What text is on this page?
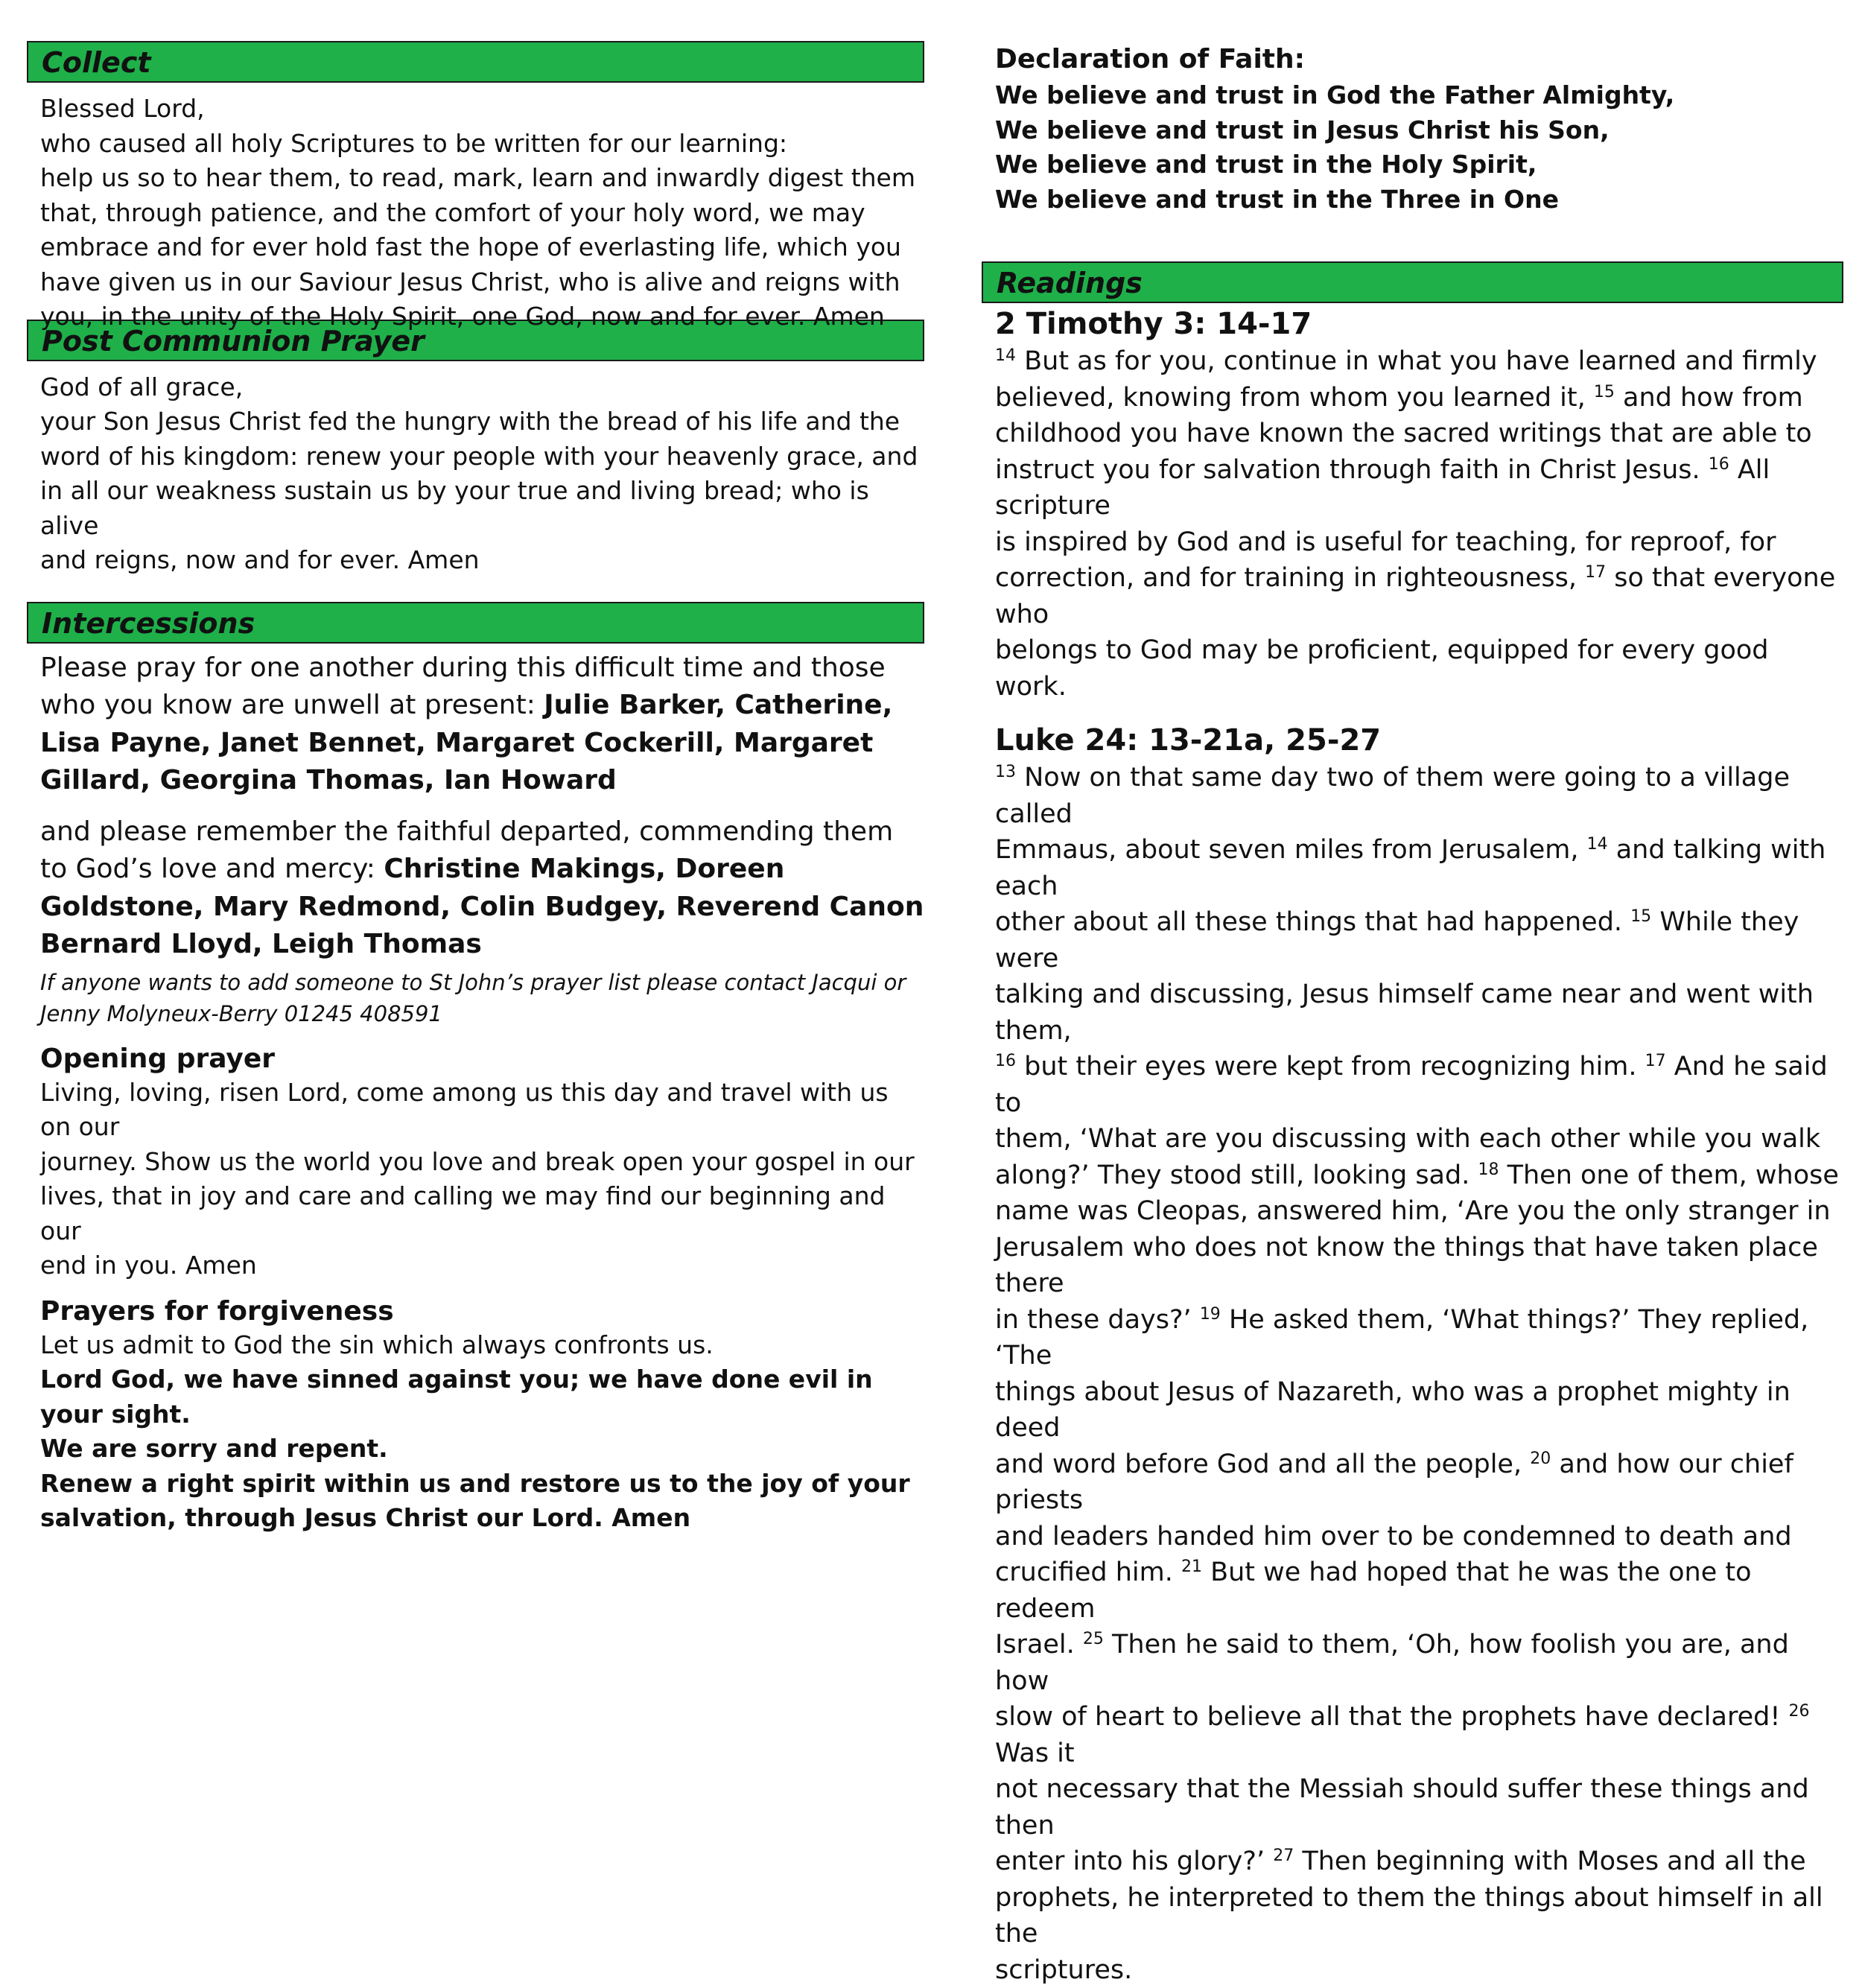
Collect
Blessed Lord,
who caused all holy Scriptures to be written for our learning:
help us so to hear them, to read, mark, learn and inwardly digest them
that, through patience, and the comfort of your holy word, we may
embrace and for ever hold fast the hope of everlasting life, which you
have given us in our Saviour Jesus Christ, who is alive and reigns with
you, in the unity of the Holy Spirit, one God, now and for ever. Amen
Post Communion Prayer
God of all grace,
your Son Jesus Christ fed the hungry with the bread of his life and the
word of his kingdom: renew your people with your heavenly grace, and
in all our weakness sustain us by your true and living bread; who is alive
and reigns, now and for ever. Amen
Intercessions

Please pray for one another during this difficult time and those who you know are unwell at present: Julie Barker, Catherine, Lisa Payne, Janet Bennet, Margaret Cockerill, Margaret Gillard, Georgina Thomas, Ian Howard

and please remember the faithful departed, commending them to God’s love and mercy: Christine Makings, Doreen Goldstone, Mary Redmond, Colin Budgey, Reverend Canon Bernard Lloyd, Leigh Thomas

If anyone wants to add someone to St John’s prayer list please contact Jacqui or
Jenny Molyneux-Berry 01245 408591
Opening prayer
Living, loving, risen Lord, come among us this day and travel with us on our
journey. Show us the world you love and break open your gospel in our
lives, that in joy and care and calling we may find our beginning and our
end in you. Amen
Prayers for forgiveness
Let us admit to God the sin which always confronts us.
Lord God, we have sinned against you; we have done evil in your sight.
We are sorry and repent.
Renew a right spirit within us and restore us to the joy of your
salvation, through Jesus Christ our Lord. Amen
Declaration of Faith:
We believe and trust in God the Father Almighty,
We believe and trust in Jesus Christ his Son,
We believe and trust in the Holy Spirit,
We believe and trust in the Three in One
Readings
2 Timothy 3: 14-17
$^{14}$ But as for you, continue in what you have learned and firmly
believed, knowing from whom you learned it, $^{15}$ and how from
childhood you have known the sacred writings that are able to
instruct you for salvation through faith in Christ Jesus. $^{16}$ All scripture
is inspired by God and is useful for teaching, for reproof, for
correction, and for training in righteousness, $^{17}$ so that everyone who
belongs to God may be proficient, equipped for every good work.
Luke 24: 13-21a, 25-27
$^{13}$ Now on that same day two of them were going to a village called
Emmaus, about seven miles from Jerusalem, $^{14}$ and talking with each
other about all these things that had happened. $^{15}$ While they were
talking and discussing, Jesus himself came near and went with them,
$^{16}$ but their eyes were kept from recognizing him. $^{17}$ And he said to
them, ‘What are you discussing with each other while you walk
along?’ They stood still, looking sad. $^{18}$ Then one of them, whose
name was Cleopas, answered him, ‘Are you the only stranger in
Jerusalem who does not know the things that have taken place there
in these days?’ $^{19}$ He asked them, ‘What things?’ They replied, ‘The
things about Jesus of Nazareth, who was a prophet mighty in deed
and word before God and all the people, $^{20}$ and how our chief priests
and leaders handed him over to be condemned to death and
crucified him. $^{21}$ But we had hoped that he was the one to redeem
Israel. $^{25}$ Then he said to them, ‘Oh, how foolish you are, and how
slow of heart to believe all that the prophets have declared! $^{26}$ Was it
not necessary that the Messiah should suffer these things and then
enter into his glory?’ $^{27}$ Then beginning with Moses and all the
prophets, he interpreted to them the things about himself in all the
scriptures.
